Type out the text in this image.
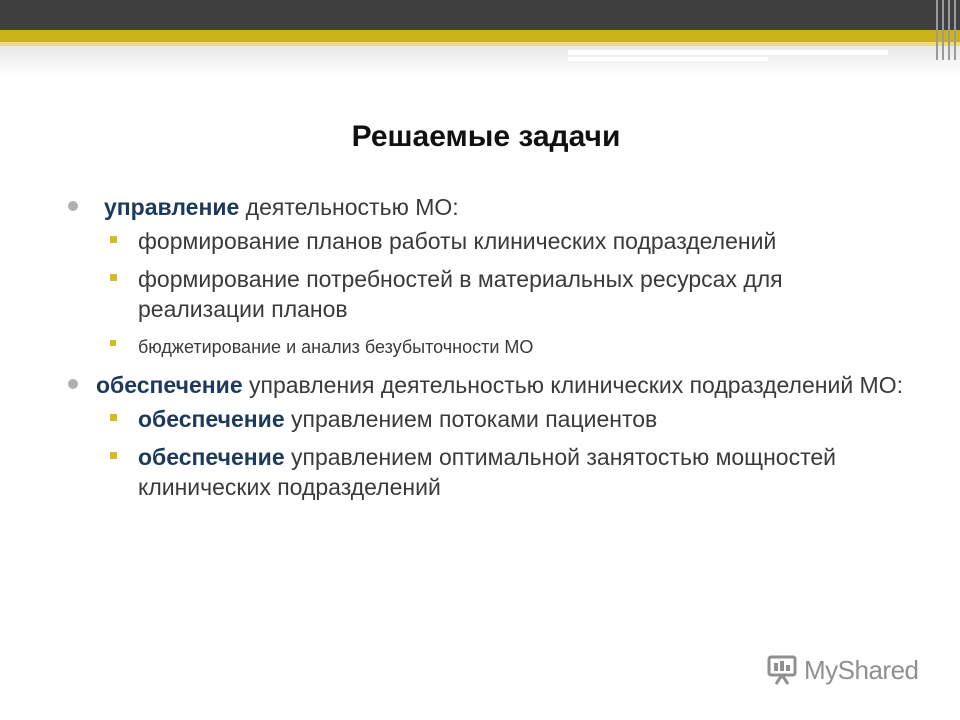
Решаемые задачи
управление деятельностью МО:
формирование планов работы клинических подразделений
формирование потребностей в материальных ресурсах для реализации планов
бюджетирование и анализ безубыточности МО
обеспечение управления деятельностью клинических подразделений МО:
обеспечение управлением потоками пациентов
обеспечение управлением оптимальной занятостью мощностей клинических подразделений
MyShared
